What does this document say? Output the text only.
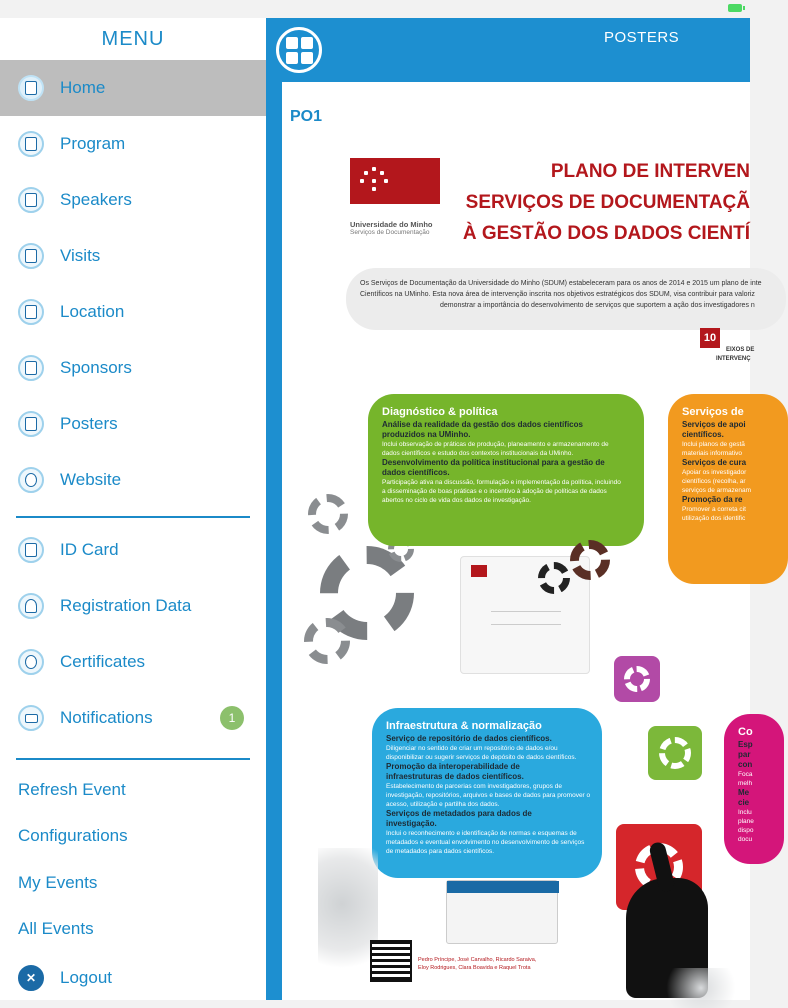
MENU
Home
Program
Speakers
Visits
Location
Sponsors
Posters
Website
ID Card
Registration Data
Certificates
Notifications	1
Refresh Event
Configurations
My Events
All Events
✕	Logout
POSTERS
PO1
Universidade do Minho
Serviços de Documentação
PLANO DE INTERVEN
SERVIÇOS DE DOCUMENTAÇÃ
À GESTÃO DOS DADOS CIENTÍ
Os Serviços de Documentação da Universidade do Minho (SDUM) estabeleceram para os anos de 2014 e 2015 um plano de inte
Científicos na UMinho. Esta nova área de intervenção inscrita nos objetivos estratégicos dos SDUM, visa contribuir para valoriz
demonstrar a importância do desenvolvimento de serviços que suportem a ação dos investigadores n
10
EIXOS DE
INTERVENÇ
Diagnóstico & política
Análise da realidade da gestão dos dados científicos
produzidos na UMinho.
Inclui observação de práticas de produção, planeamento e armazenamento de
dados científicos e estudo dos contextos institucionais da UMinho.
Desenvolvimento da política institucional para a gestão de
dados científicos.
Participação ativa na discussão, formulação e implementação da política, incluindo
a disseminação de boas práticas e o incentivo à adoção de políticas de dados
abertos no ciclo de vida dos dados de investigação.
Serviços de
Serviços de apoi
científicos.
Inclui planos de gestã
materiais informativo
Serviços de cura
Apoiar os investigador
científicos (recolha, ar
serviços de armazenam
Promoção da re
Promover a correta cit
utilização dos identific
Infraestrutura & normalização
Serviço de repositório de dados científicos.
Diligenciar no sentido de criar um repositório de dados e/ou
disponibilizar ou sugerir serviços de depósito de dados científicos.
Promoção da interoperabilidade de
infraestruturas de dados científicos.
Estabelecimento de parcerias com investigadores, grupos de
investigação, repositórios, arquivos e bases de dados para promover o
acesso, utilização e partilha dos dados.
Serviços de metadados para dados de
investigação.
Inclui o reconhecimento e identificação de normas e esquemas de
metadados e eventual envolvimento no desenvolvimento de serviços
de metadados para dados científicos.
Co
Esp
par
con
Foca
melh
Me
cie
Inclu
plane
dispo
docu
Pedro Príncipe, José Carvalho, Ricardo Saraiva,
Eloy Rodrigues, Clara Boavida e Raquel Trota
